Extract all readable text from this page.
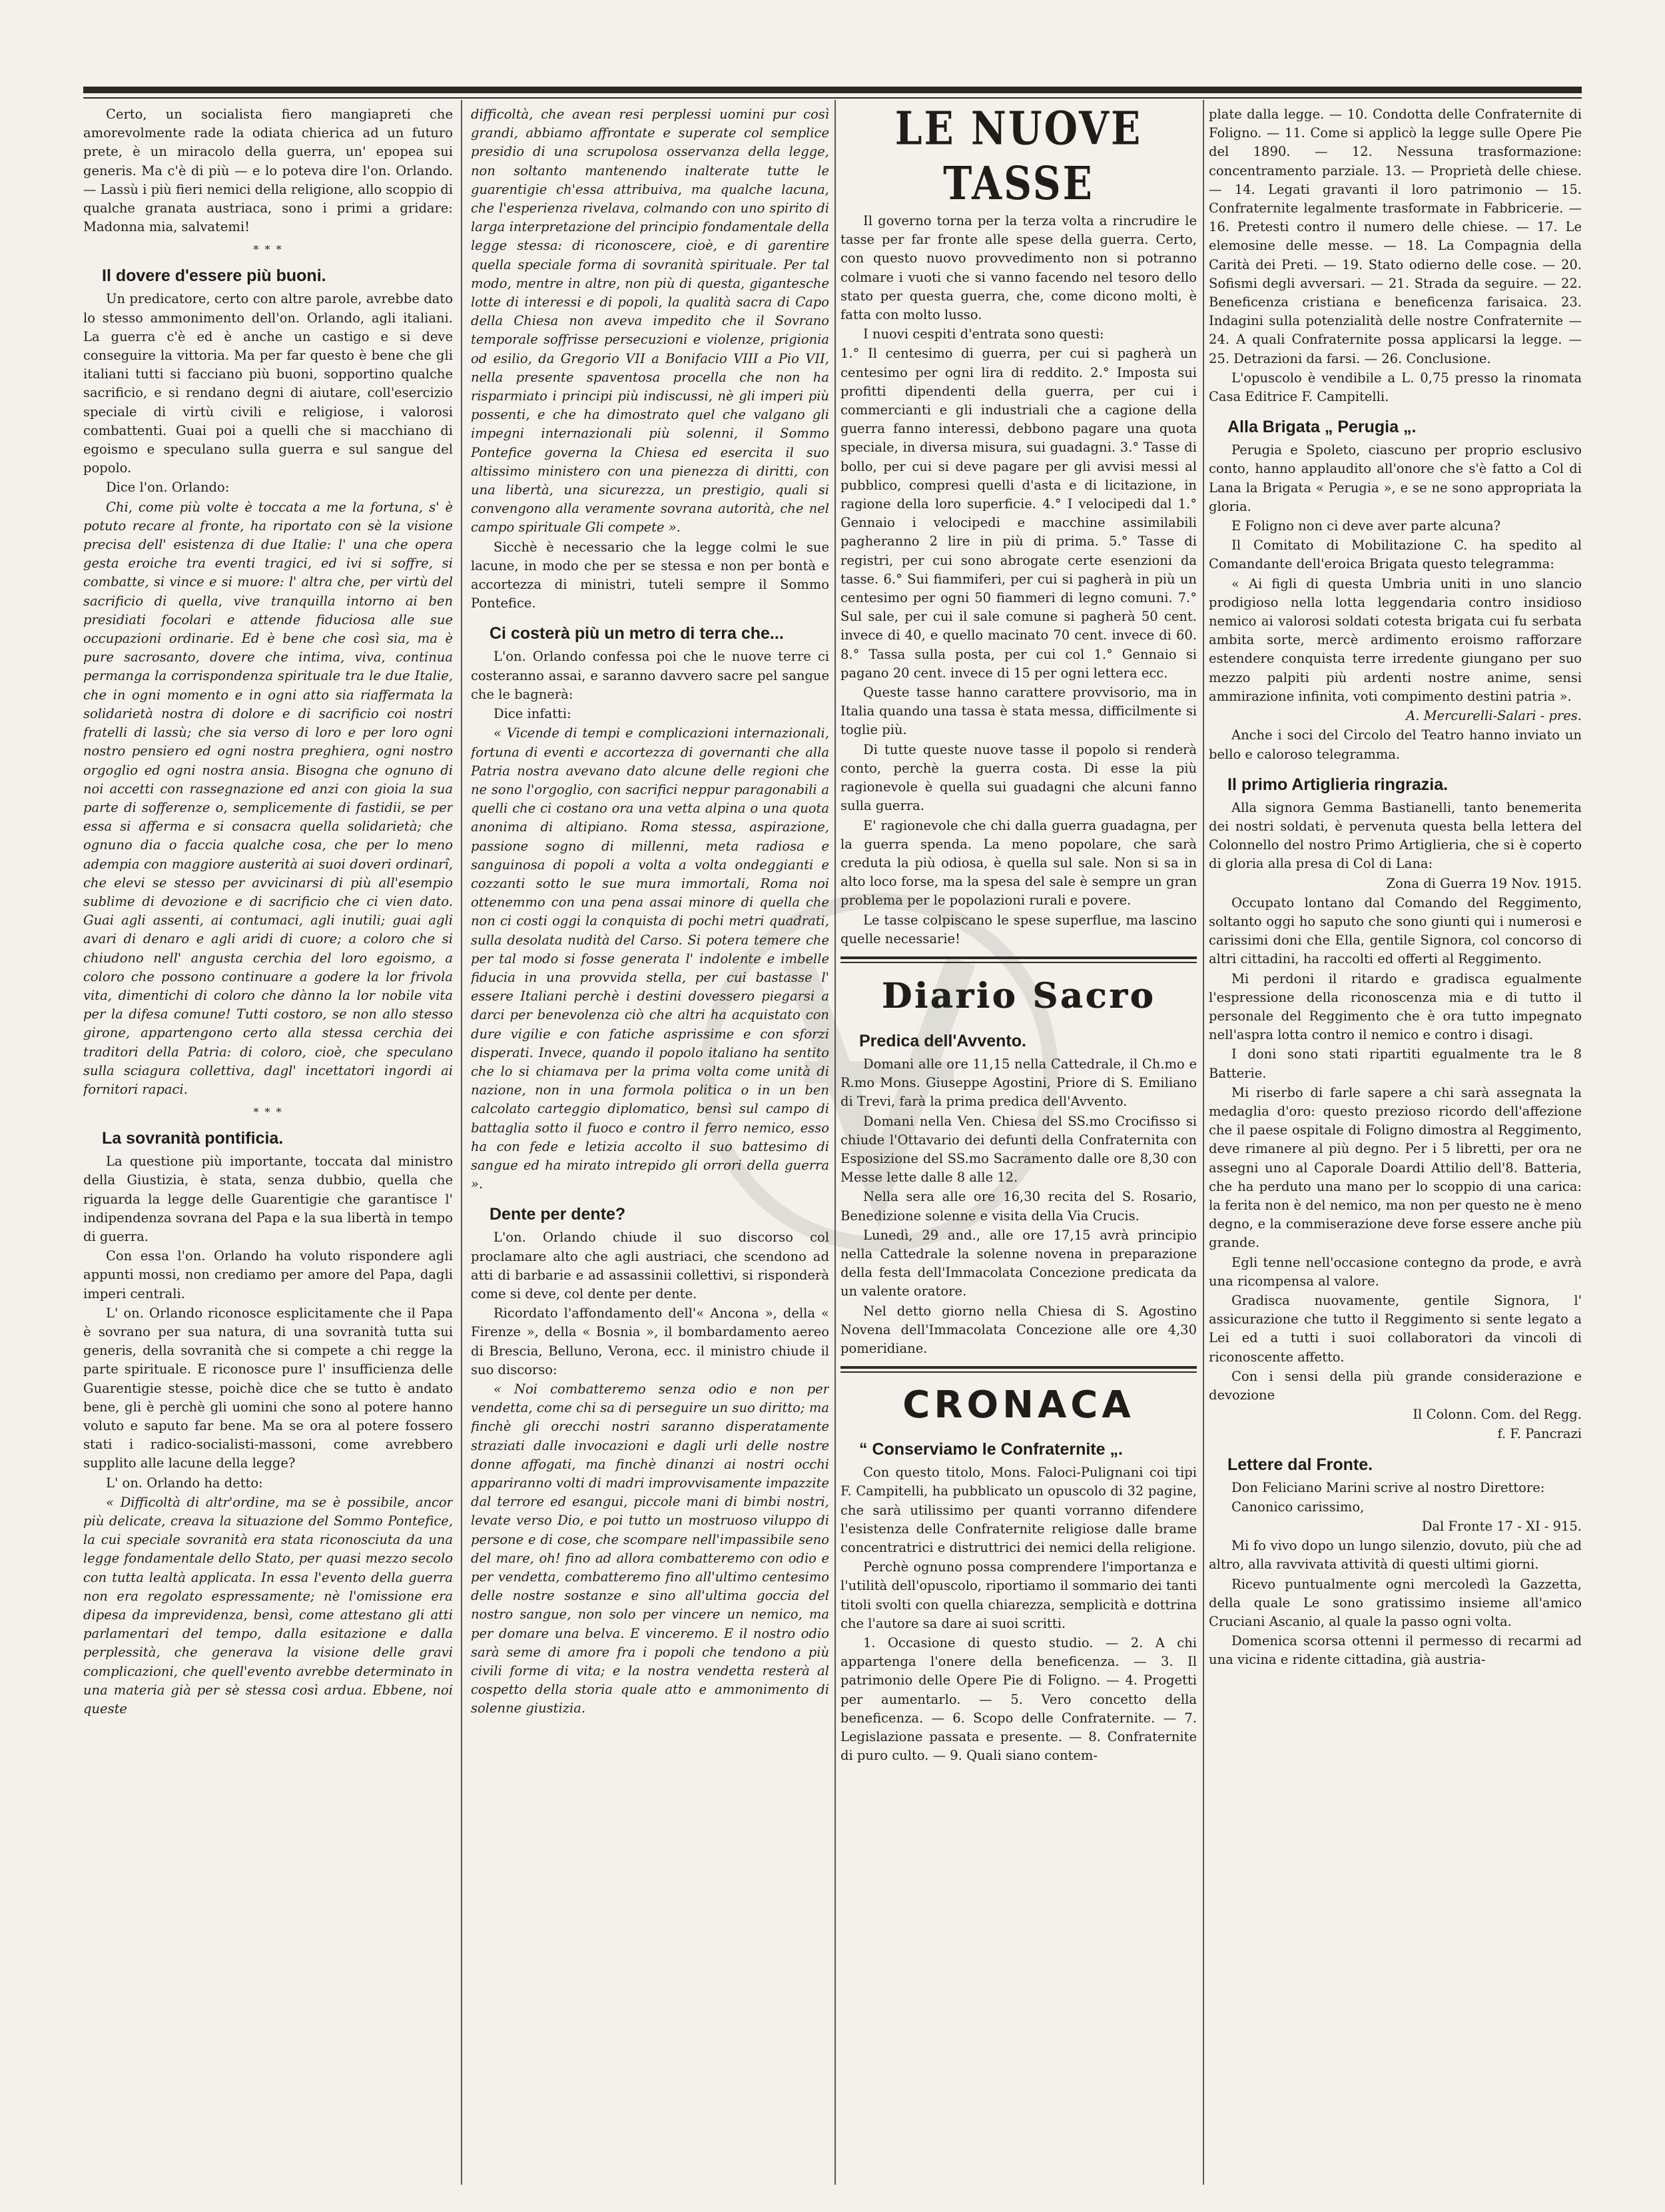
Certo, un socialista fiero mangiapreti che amorevolmente rade la odiata chierica ad un futuro prete, è un miracolo della guerra, un' epopea sui generis. Ma c'è di più — e lo poteva dire l'on. Orlando. — Lassù i più fieri nemici della religione, allo scoppio di qualche granata austriaca, sono i primi a gridare: Madonna mia, salvatemi!

* * *
Il dovere d'essere più buoni.

Un predicatore, certo con altre parole, avrebbe dato lo stesso ammonimento dell'on. Orlando, agli italiani. La guerra c'è ed è anche un castigo e si deve conseguire la vittoria. Ma per far questo è bene che gli italiani tutti si facciano più buoni, sopportino qualche sacrificio, e si rendano degni di aiutare, coll'esercizio speciale di virtù civili e religiose, i valorosi combattenti. Guai poi a quelli che si macchiano di egoismo e speculano sulla guerra e sul sangue del popolo.

Dice l'on. Orlando:

Chi, come più volte è toccata a me la fortuna, s' è potuto recare al fronte, ha riportato con sè la visione precisa dell' esistenza di due Italie: l' una che opera gesta eroiche tra eventi tragici, ed ivi si soffre, si combatte, si vince e si muore: l' altra che, per virtù del sacrificio di quella, vive tranquilla intorno ai ben presidiati focolari e attende fiduciosa alle sue occupazioni ordinarie. Ed è bene che così sia, ma è pure sacrosanto, dovere che intima, viva, continua permanga la corrispondenza spirituale tra le due Italie, che in ogni momento e in ogni atto sia riaffermata la solidarietà nostra di dolore e di sacrificio coi nostri fratelli di lassù; che sia verso di loro e per loro ogni nostro pensiero ed ogni nostra preghiera, ogni nostro orgoglio ed ogni nostra ansia. Bisogna che ognuno di noi accetti con rassegnazione ed anzi con gioia la sua parte di sofferenze o, semplicemente di fastidii, se per essa si afferma e si consacra quella solidarietà; che ognuno dia o faccia qualche cosa, che per lo meno adempia con maggiore austerità ai suoi doveri ordinarî, che elevi se stesso per avvicinarsi di più all'esempio sublime di devozione e di sacrificio che ci vien dato. Guai agli assenti, ai contumaci, agli inutili; guai agli avari di denaro e agli aridi di cuore; a coloro che si chiudono nell' angusta cerchia del loro egoismo, a coloro che possono continuare a godere la lor frivola vita, dimentichi di coloro che dànno la lor nobile vita per la difesa comune! Tutti costoro, se non allo stesso girone, appartengono certo alla stessa cerchia dei traditori della Patria: di coloro, cioè, che speculano sulla sciagura collettiva, dagl' incettatori ingordi ai fornitori rapaci.

* * *
La sovranità pontificia.

La questione più importante, toccata dal ministro della Giustizia, è stata, senza dubbio, quella che riguarda la legge delle Guarentigie che garantisce l' indipendenza sovrana del Papa e la sua libertà in tempo di guerra.

Con essa l'on. Orlando ha voluto rispondere agli appunti mossi, non crediamo per amore del Papa, dagli imperi centrali.

L' on. Orlando riconosce esplicitamente che il Papa è sovrano per sua natura, di una sovranità tutta sui generis, della sovranità che si compete a chi regge la parte spirituale. E riconosce pure l' insufficienza delle Guarentigie stesse, poichè dice che se tutto è andato bene, gli è perchè gli uomini che sono al potere hanno voluto e saputo far bene. Ma se ora al potere fossero stati i radico-socialisti-massoni, come avrebbero supplito alle lacune della legge?

L' on. Orlando ha detto:

« Difficoltà di altr'ordine, ma se è possibile, ancor più delicate, creava la situazione del Sommo Pontefice, la cui speciale sovranità era stata riconosciuta da una legge fondamentale dello Stato, per quasi mezzo secolo con tutta lealtà applicata. In essa l'evento della guerra non era regolato espressamente; nè l'omissione era dipesa da imprevidenza, bensì, come attestano gli atti parlamentari del tempo, dalla esitazione e dalla perplessità, che generava la visione delle gravi complicazioni, che quell'evento avrebbe determinato in una materia già per sè stessa così ardua. Ebbene, noi queste

difficoltà, che avean resi perplessi uomini pur così grandi, abbiamo affrontate e superate col semplice presidio di una scrupolosa osservanza della legge, non soltanto mantenendo inalterate tutte le guarentigie ch'essa attribuiva, ma qualche lacuna, che l'esperienza rivelava, colmando con uno spirito di larga interpretazione del principio fondamentale della legge stessa: di riconoscere, cioè, e di garentire quella speciale forma di sovranità spirituale. Per tal modo, mentre in altre, non più di questa, gigantesche lotte di interessi e di popoli, la qualità sacra di Capo della Chiesa non aveva impedito che il Sovrano temporale soffrisse persecuzioni e violenze, prigionia od esilio, da Gregorio VII a Bonifacio VIII a Pio VII, nella presente spaventosa procella che non ha risparmiato i principi più indiscussi, nè gli imperi più possenti, e che ha dimostrato quel che valgano gli impegni internazionali più solenni, il Sommo Pontefice governa la Chiesa ed esercita il suo altissimo ministero con una pienezza di diritti, con una libertà, una sicurezza, un prestigio, quali si convengono alla veramente sovrana autorità, che nel campo spirituale Gli compete ».

Sicchè è necessario che la legge colmi le sue lacune, in modo che per se stessa e non per bontà e accortezza di ministri, tuteli sempre il Sommo Pontefice.

Ci costerà più un metro di terra che...

L'on. Orlando confessa poi che le nuove terre ci costeranno assai, e saranno davvero sacre pel sangue che le bagnerà:

Dice infatti:

« Vicende di tempi e complicazioni internazionali, fortuna di eventi e accortezza di governanti che alla Patria nostra avevano dato alcune delle regioni che ne sono l'orgoglio, con sacrifici neppur paragonabili a quelli che ci costano ora una vetta alpina o una quota anonima di altipiano. Roma stessa, aspirazione, passione sogno di millenni, meta radiosa e sanguinosa di popoli a volta a volta ondeggianti e cozzanti sotto le sue mura immortali, Roma noi ottenemmo con una pena assai minore di quella che non ci costi oggi la conquista di pochi metri quadrati, sulla desolata nudità del Carso. Si potera temere che per tal modo si fosse generata l' indolente e imbelle fiducia in una provvida stella, per cui bastasse l' essere Italiani perchè i destini dovessero piegarsi a darci per benevolenza ciò che altri ha acquistato con dure vigilie e con fatiche asprissime e con sforzi disperati. Invece, quando il popolo italiano ha sentito che lo si chiamava per la prima volta come unità di nazione, non in una formola politica o in un ben calcolato carteggio diplomatico, bensì sul campo di battaglia sotto il fuoco e contro il ferro nemico, esso ha con fede e letizia accolto il suo battesimo di sangue ed ha mirato intrepido gli orrori della guerra ».

Dente per dente?

L'on. Orlando chiude il suo discorso col proclamare alto che agli austriaci, che scendono ad atti di barbarie e ad assassinii collettivi, si risponderà come si deve, col dente per dente.

Ricordato l'affondamento dell'« Ancona », della « Firenze », della « Bosnia », il bombardamento aereo di Brescia, Belluno, Verona, ecc. il ministro chiude il suo discorso:

« Noi combatteremo senza odio e non per vendetta, come chi sa di perseguire un suo diritto; ma finchè gli orecchi nostri saranno disperatamente straziati dalle invocazioni e dagli urli delle nostre donne affogati, ma finchè dinanzi ai nostri occhi appariranno volti di madri improvvisamente impazzite dal terrore ed esangui, piccole mani di bimbi nostri, levate verso Dio, e poi tutto un mostruoso viluppo di persone e di cose, che scompare nell'impassibile seno del mare, oh! fino ad allora combatteremo con odio e per vendetta, combatteremo fino all'ultimo centesimo delle nostre sostanze e sino all'ultima goccia del nostro sangue, non solo per vincere un nemico, ma per domare una belva. E vinceremo. E il nostro odio sarà seme di amore fra i popoli che tendono a più civili forme di vita; e la nostra vendetta resterà al cospetto della storia quale atto e ammonimento di solenne giustizia.

LE NUOVE TASSE

Il governo torna per la terza volta a rincrudire le tasse per far fronte alle spese della guerra. Certo, con questo nuovo provvedimento non si potranno colmare i vuoti che si vanno facendo nel tesoro dello stato per questa guerra, che, come dicono molti, è fatta con molto lusso.

I nuovi cespiti d'entrata sono questi:

1.° Il centesimo di guerra, per cui si pagherà un centesimo per ogni lira di reddito. 2.° Imposta sui profitti dipendenti della guerra, per cui i commercianti e gli industriali che a cagione della guerra fanno interessi, debbono pagare una quota speciale, in diversa misura, sui guadagni. 3.° Tasse di bollo, per cui si deve pagare per gli avvisi messi al pubblico, compresi quelli d'asta e di licitazione, in ragione della loro superficie. 4.° I velocipedi dal 1.° Gennaio i velocipedi e macchine assimilabili pagheranno 2 lire in più di prima. 5.° Tasse di registri, per cui sono abrogate certe esenzioni da tasse. 6.° Sui fiammiferi, per cui si pagherà in più un centesimo per ogni 50 fiammeri di legno comuni. 7.° Sul sale, per cui il sale comune si pagherà 50 cent. invece di 40, e quello macinato 70 cent. invece di 60. 8.° Tassa sulla posta, per cui col 1.° Gennaio si pagano 20 cent. invece di 15 per ogni lettera ecc.

Queste tasse hanno carattere provvisorio, ma in Italia quando una tassa è stata messa, difficilmente si toglie più.

Di tutte queste nuove tasse il popolo si renderà conto, perchè la guerra costa. Di esse la più ragionevole è quella sui guadagni che alcuni fanno sulla guerra.

E' ragionevole che chi dalla guerra guadagna, per la guerra spenda. La meno popolare, che sarà creduta la più odiosa, è quella sul sale. Non si sa in alto loco forse, ma la spesa del sale è sempre un gran problema per le popolazioni rurali e povere.

Le tasse colpiscano le spese superflue, ma lascino quelle necessarie!

Diario Sacro
Predica dell'Avvento.

Domani alle ore 11,15 nella Cattedrale, il Ch.mo e R.mo Mons. Giuseppe Agostini, Priore di S. Emiliano di Trevi, farà la prima predica dell'Avvento.

Domani nella Ven. Chiesa del SS.mo Crocifisso si chiude l'Ottavario dei defunti della Confraternita con Esposizione del SS.mo Sacramento dalle ore 8,30 con Messe lette dalle 8 alle 12.

Nella sera alle ore 16,30 recita del S. Rosario, Benedizione solenne e visita della Via Crucis.

Lunedì, 29 and., alle ore 17,15 avrà principio nella Cattedrale la solenne novena in preparazione della festa dell'Immacolata Concezione predicata da un valente oratore.

Nel detto giorno nella Chiesa di S. Agostino Novena dell'Immacolata Concezione alle ore 4,30 pomeridiane.

CRONACA
“ Conserviamo le Confraternite „.

Con questo titolo, Mons. Faloci-Pulignani coi tipi F. Campitelli, ha pubblicato un opuscolo di 32 pagine, che sarà utilissimo per quanti vorranno difendere l'esistenza delle Confraternite religiose dalle brame concentratrici e distruttrici dei nemici della religione.

Perchè ognuno possa comprendere l'importanza e l'utilità dell'opuscolo, riportiamo il sommario dei tanti titoli svolti con quella chiarezza, semplicità e dottrina che l'autore sa dare ai suoi scritti.

1. Occasione di questo studio. — 2. A chi appartenga l'onere della beneficenza. — 3. Il patrimonio delle Opere Pie di Foligno. — 4. Progetti per aumentarlo. — 5. Vero concetto della beneficenza. — 6. Scopo delle Confraternite. — 7. Legislazione passata e presente. — 8. Confraternite di puro culto. — 9. Quali siano contem-

plate dalla legge. — 10. Condotta delle Confraternite di Foligno. — 11. Come si applicò la legge sulle Opere Pie del 1890. — 12. Nessuna trasformazione: concentramento parziale. 13. — Proprietà delle chiese. — 14. Legati gravanti il loro patrimonio — 15. Confraternite legalmente trasformate in Fabbricerie. — 16. Pretesti contro il numero delle chiese. — 17. Le elemosine delle messe. — 18. La Compagnia della Carità dei Preti. — 19. Stato odierno delle cose. — 20. Sofismi degli avversari. — 21. Strada da seguire. — 22. Beneficenza cristiana e beneficenza farisaica. 23. Indagini sulla potenzialità delle nostre Confraternite — 24. A quali Confraternite possa applicarsi la legge. — 25. Detrazioni da farsi. — 26. Conclusione.

L'opuscolo è vendibile a L. 0,75 presso la rinomata Casa Editrice F. Campitelli.

Alla Brigata „ Perugia „.

Perugia e Spoleto, ciascuno per proprio esclusivo conto, hanno applaudito all'onore che s'è fatto a Col di Lana la Brigata « Perugia », e se ne sono appropriata la gloria.

E Foligno non ci deve aver parte alcuna?

Il Comitato di Mobilitazione C. ha spedito al Comandante dell'eroica Brigata questo telegramma:

« Ai figli di questa Umbria uniti in uno slancio prodigioso nella lotta leggendaria contro insidioso nemico ai valorosi soldati cotesta brigata cui fu serbata ambita sorte, mercè ardimento eroismo rafforzare estendere conquista terre irredente giungano per suo mezzo palpiti più ardenti nostre anime, sensi ammirazione infinita, voti compimento destini patria ».

A. Mercurelli-Salari - pres.

Anche i soci del Circolo del Teatro hanno inviato un bello e caloroso telegramma.

Il primo Artiglieria ringrazia.

Alla signora Gemma Bastianelli, tanto benemerita dei nostri soldati, è pervenuta questa bella lettera del Colonnello del nostro Primo Artiglieria, che si è coperto di gloria alla presa di Col di Lana:

Zona di Guerra 19 Nov. 1915.

Occupato lontano dal Comando del Reggimento, soltanto oggi ho saputo che sono giunti qui i numerosi e carissimi doni che Ella, gentile Signora, col concorso di altri cittadini, ha raccolti ed offerti al Reggimento.

Mi perdoni il ritardo e gradisca egualmente l'espressione della riconoscenza mia e di tutto il personale del Reggimento che è ora tutto impegnato nell'aspra lotta contro il nemico e contro i disagi.

I doni sono stati ripartiti egualmente tra le 8 Batterie.

Mi riserbo di farle sapere a chi sarà assegnata la medaglia d'oro: questo prezioso ricordo dell'affezione che il paese ospitale di Foligno dimostra al Reggimento, deve rimanere al più degno. Per i 5 libretti, per ora ne assegni uno al Caporale Doardi Attilio dell'8. Batteria, che ha perduto una mano per lo scoppio di una carica: la ferita non è del nemico, ma non per questo ne è meno degno, e la commiserazione deve forse essere anche più grande.

Egli tenne nell'occasione contegno da prode, e avrà una ricompensa al valore.

Gradisca nuovamente, gentile Signora, l' assicurazione che tutto il Reggimento si sente legato a Lei ed a tutti i suoi collaboratori da vincoli di riconoscente affetto.

Con i sensi della più grande considerazione e devozione

Il Colonn. Com. del Regg.

f. F. Pancrazi

Lettere dal Fronte.

Don Feliciano Marini scrive al nostro Direttore:

Canonico carissimo,

Dal Fronte 17 - XI - 915.

Mi fo vivo dopo un lungo silenzio, dovuto, più che ad altro, alla ravvivata attività di questi ultimi giorni.

Ricevo puntualmente ogni mercoledì la Gazzetta, della quale Le sono gratissimo insieme all'amico Cruciani Ascanio, al quale la passo ogni volta.

Domenica scorsa ottenni il permesso di recarmi ad una vicina e ridente cittadina, già austria-
